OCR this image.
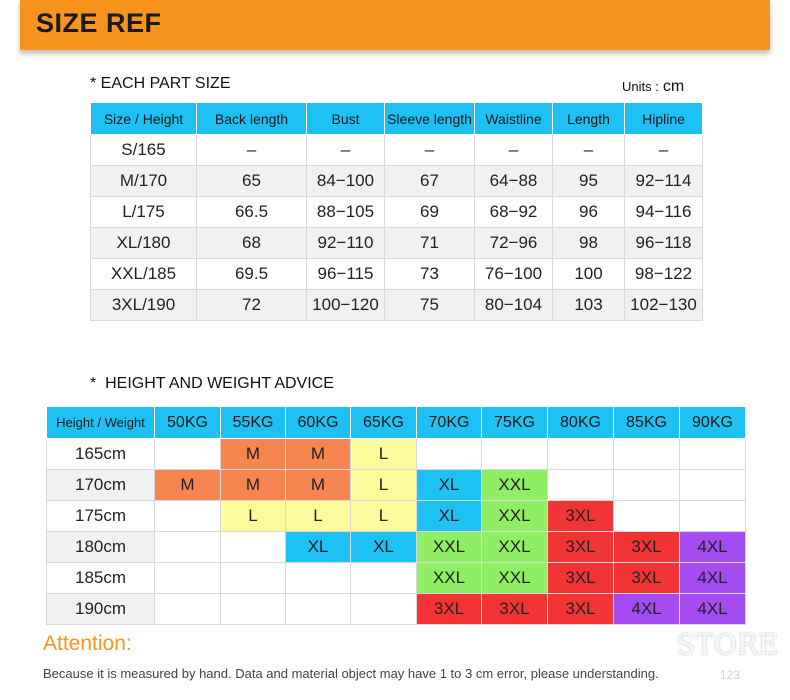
SIZE REF
* EACH PART SIZE	Units : cm
Size / Height	Back length	Bust	Sleeve length	Waistline	Length	Hipline
S/165	–	–	–	–	–	–
M/170	65	84−100	67	64−88	95	92−114
L/175	66.5	88−105	69	68−92	96	94−116
XL/180	68	92−110	71	72−96	98	96−118
XXL/185	69.5	96−115	73	76−100	100	98−122
3XL/190	72	100−120	75	80−104	103	102−130
*  HEIGHT AND WEIGHT ADVICE
Height / Weight	50KG	55KG	60KG	65KG	70KG	75KG	80KG	85KG	90KG
165cm		M	M	L					
170cm	M	M	M	L	XL	XXL			
175cm		L	L	L	XL	XXL	3XL		
180cm			XL	XL	XXL	XXL	3XL	3XL	4XL
185cm					XXL	XXL	3XL	3XL	4XL
190cm					3XL	3XL	3XL	4XL	4XL
Attention:
Because it is measured by hand. Data and material object may have 1 to 3 cm error, please understanding.
STORE
123
